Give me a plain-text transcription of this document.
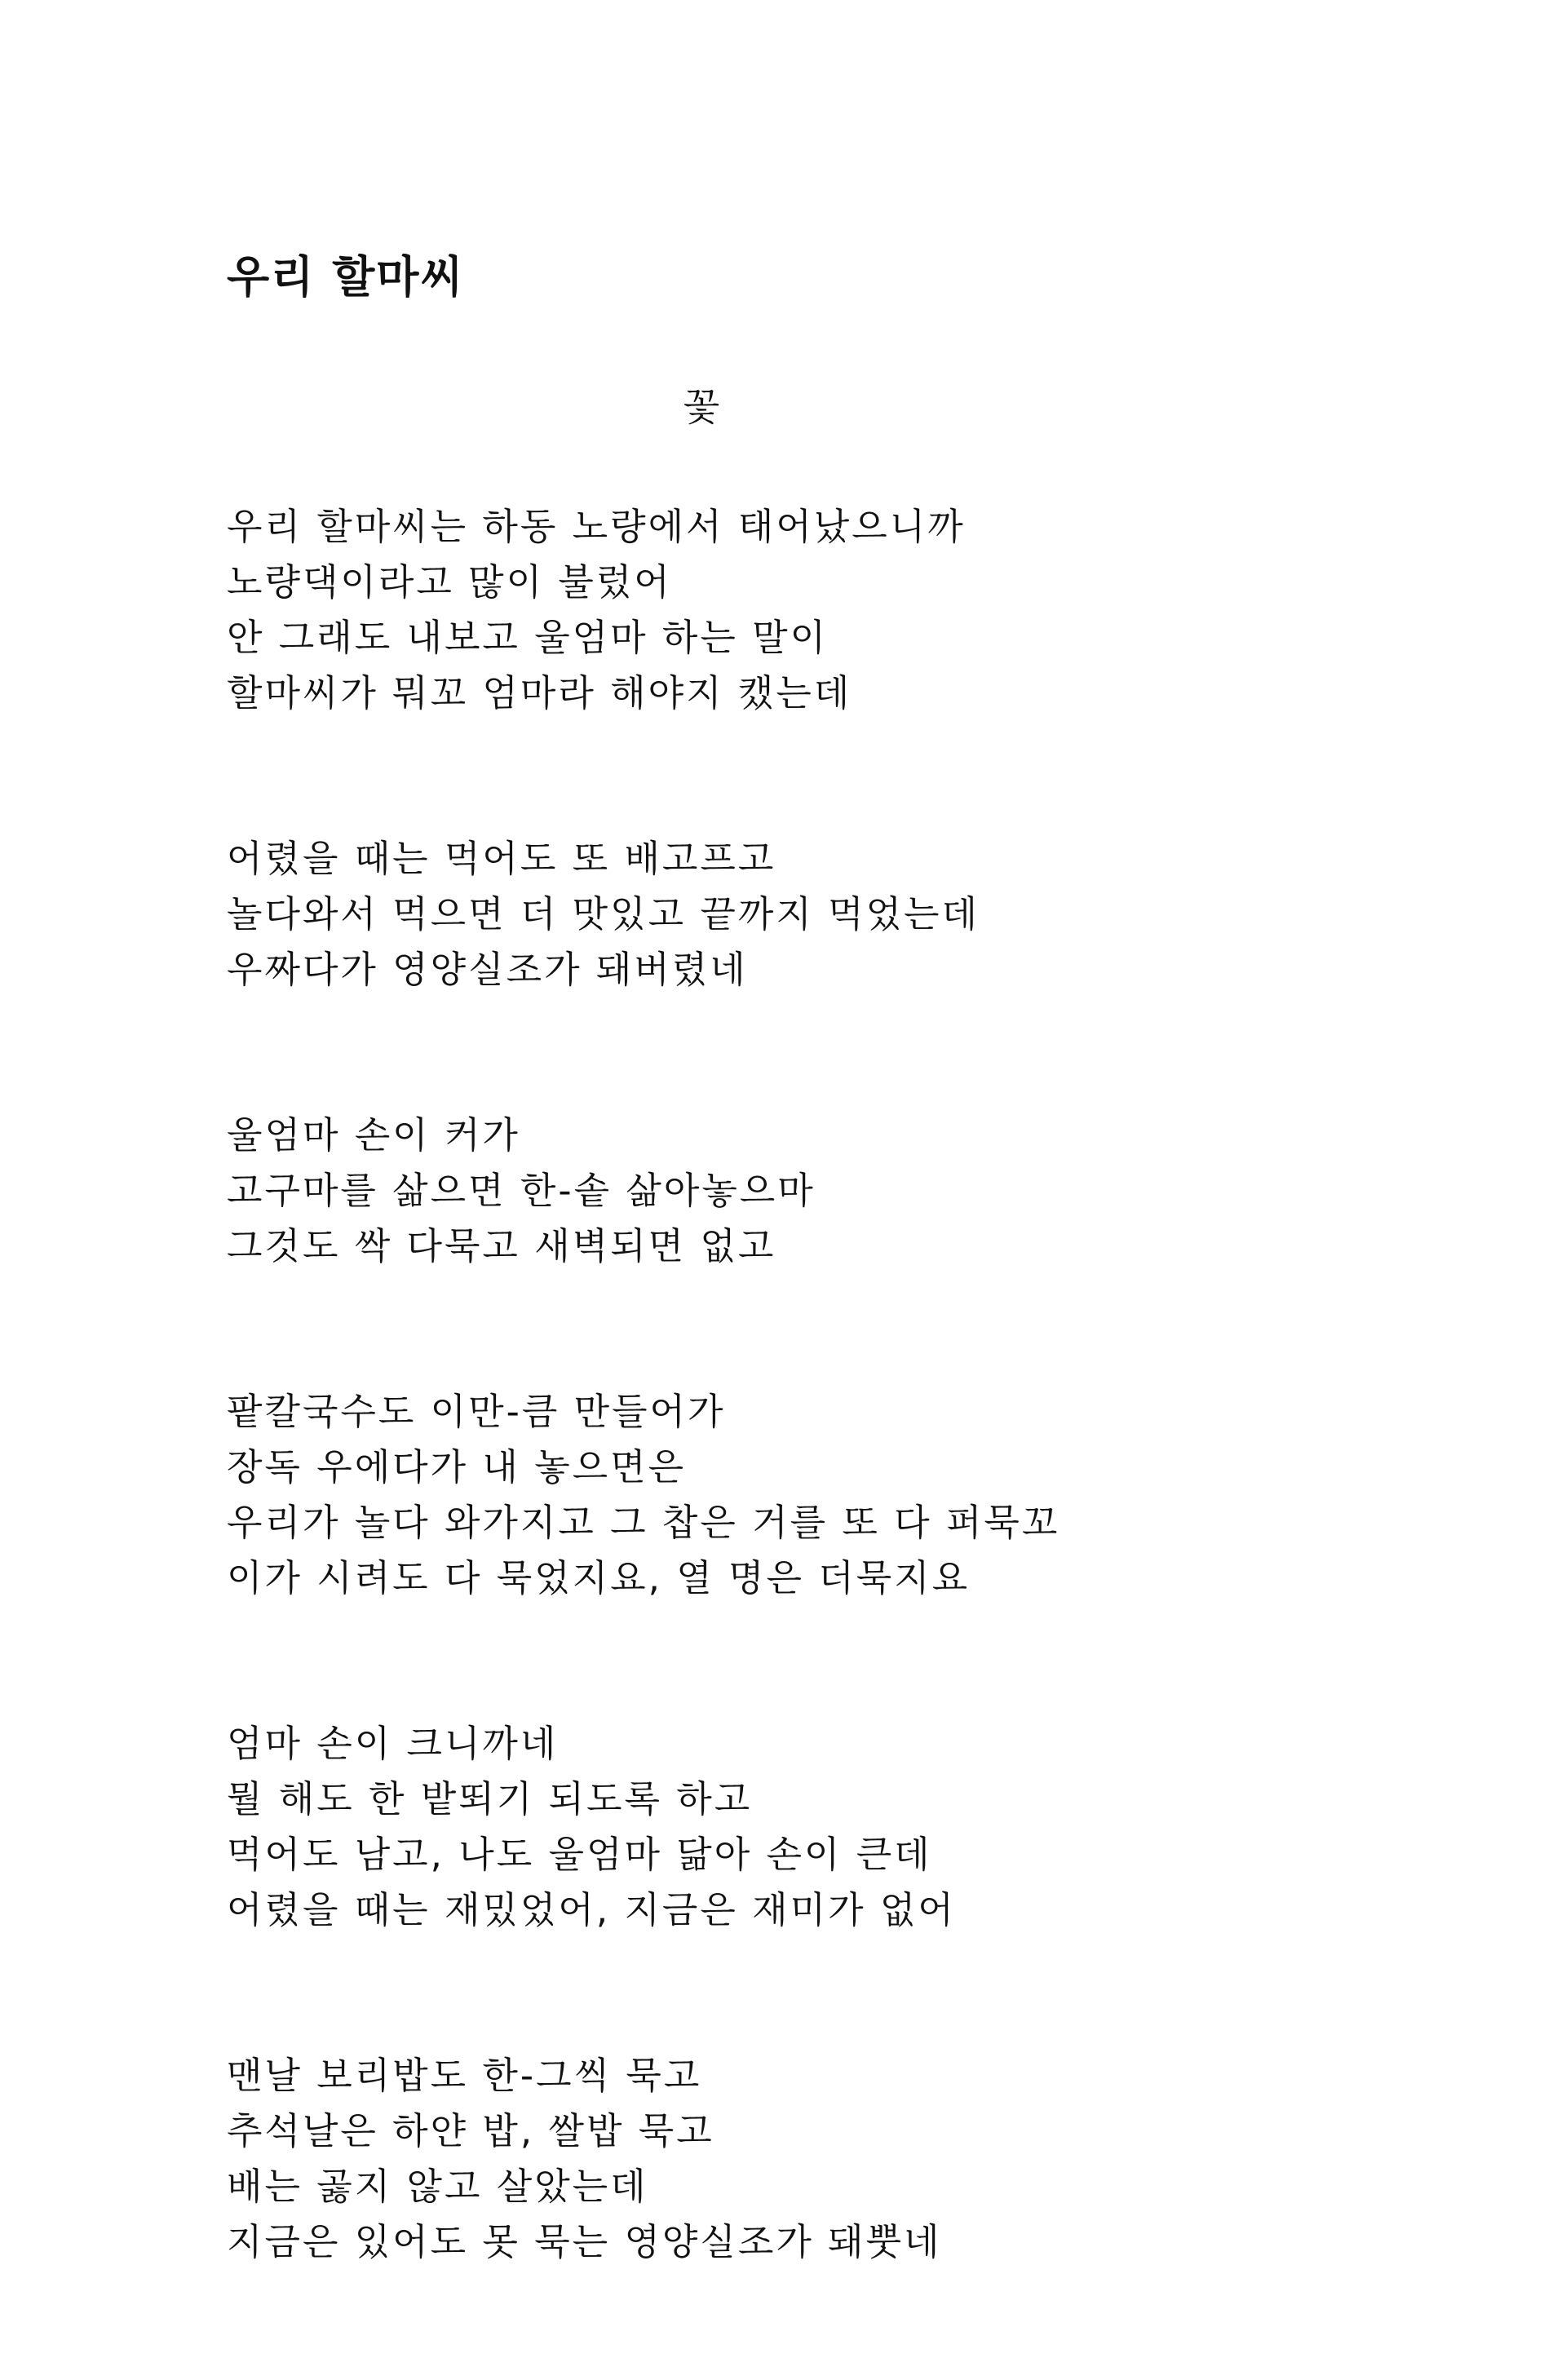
우리 할마씨
꽃
우리 할마씨는 하동 노량에서 태어났으니까
노량댁이라고 많이 불렀어
안 그래도 내보고 울엄마 하는 말이
할마씨가 뭐꼬 엄마라 해야지 캤는데
어렸을 때는 먹어도 또 배고프고
놀다와서 먹으면 더 맛있고 끝까지 먹었는데
우짜다가 영양실조가 돼버렸네
울엄마 손이 커가
고구마를 삶으면 한-솥 삶아놓으마
그것도 싹 다묵고 새벽되면 없고
팥칼국수도 이만-큼 만들어가
장독 우에다가 내 놓으면은
우리가 놀다 와가지고 그 찹은 거를 또 다 퍼묵꼬
이가 시려도 다 묵었지요, 열 명은 더묵지요
엄마 손이 크니까네
뭘 해도 한 밭뙤기 되도록 하고
먹어도 남고, 나도 울엄마 닮아 손이 큰데
어렸을 때는 재밌었어, 지금은 재미가 없어
맨날 보리밥도 한-그씩 묵고
추석날은 하얀 밥, 쌀밥 묵고
배는 곯지 않고 살았는데
지금은 있어도 못 묵는 영양실조가 돼뿟네
